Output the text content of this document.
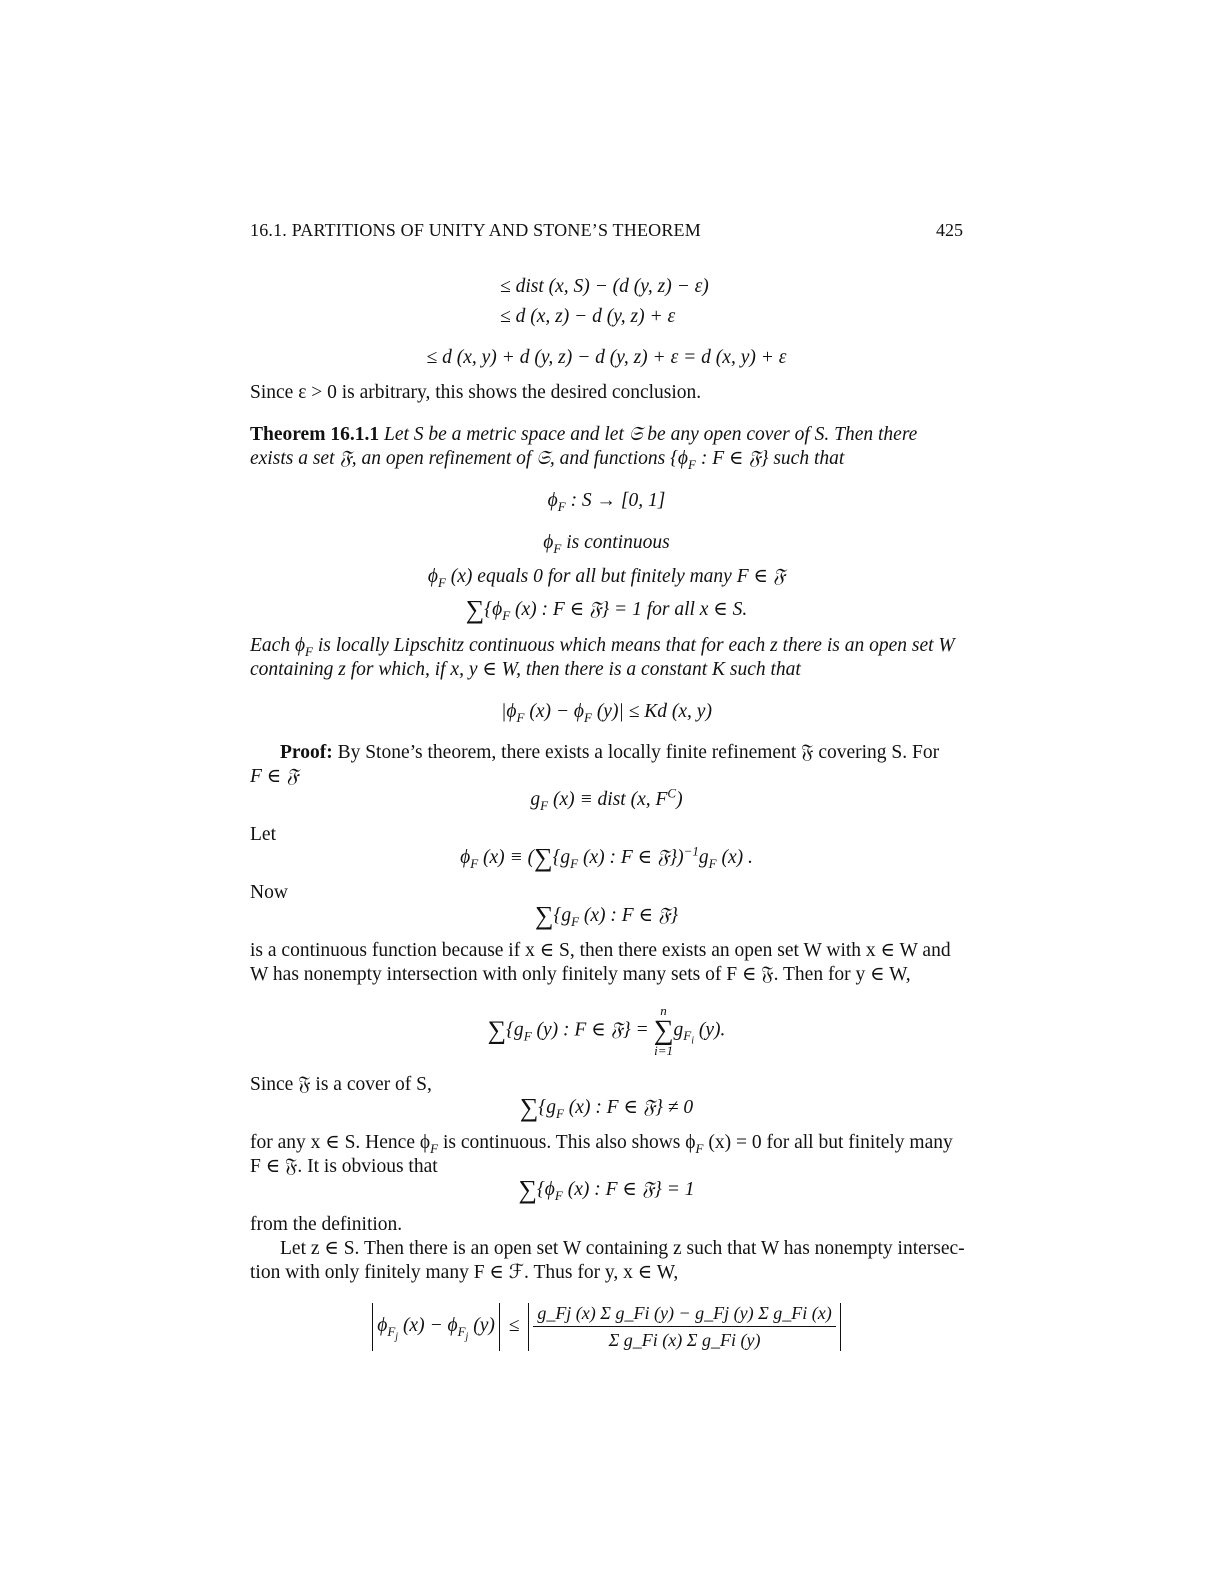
16.1. PARTITIONS OF UNITY AND STONE’S THEOREM	425
≤ dist (x, S) − (d (y, z) − ε)
≤ d (x, z) − d (y, z) + ε
≤ d (x, y) + d (y, z) − d (y, z) + ε = d (x, y) + ε
Since ε > 0 is arbitrary, this shows the desired conclusion.
Theorem 16.1.1 Let S be a metric space and let 𝔖 be any open cover of S. Then there
exists a set 𝔉, an open refinement of 𝔖, and functions {$\phi_F$ : F ∈ 𝔉} such that
$\phi_F$ : S → [0, 1]
$\phi_F$ is continuous
$\phi_F$ (x) equals 0 for all but finitely many F ∈ 𝔉
$\sum\{\phi_F$ (x) : F ∈ 𝔉} = 1 for all x ∈ S.
Each $\phi_F$ is locally Lipschitz continuous which means that for each z there is an open set W
containing z for which, if x, y ∈ W, then there is a constant K such that
$|\phi_F$ $(x) - \phi_F$ (y)| ≤ Kd (x, y)
Proof: By Stone’s theorem, there exists a locally finite refinement 𝔉 covering S. For
F ∈ 𝔉
$g_F$ (x) ≡ dist (x, $F^C$)
Let
$\phi_F$ $(x) \equiv (\sum\{g_F$ (x) : F ∈ $𝔉\})^{-1}g_F$ (x) .
Now
$\sum\{g_F$ (x) : F ∈ 𝔉}
is a continuous function because if x ∈ S, then there exists an open set W with x ∈ W and
W has nonempty intersection with only finitely many sets of F ∈ 𝔉. Then for y ∈ W,
$\sum\{g_F$ (y) : F ∈ 𝔉} =
n
∑
i=1
$g_{F_i}$ (y).
Since 𝔉 is a cover of S,
$\sum\{g_F$ (x) : F ∈ 𝔉} ≠ 0
for any x ∈ S. Hence $\phi_F$ is continuous. This also shows $\phi_F$ (x) = 0 for all but finitely many
F ∈ 𝔉. It is obvious that
$\sum\{\phi_F$ (x) : F ∈ 𝔉} = 1
from the definition.
Let z ∈ S. Then there is an open set W containing z such that W has nonempty intersec-
tion with only finitely many F ∈ ℱ. Thus for y, x ∈ W,
$\phi_{F_j}$ $(x) - \phi_{F_j}$ $(y) \le \frac{\text{g\_Fj (x) Σ g\_Fi (y) − g\_Fj (y) Σ g\_Fi (x)}}{\text{Σ g\_Fi (x) Σ g\_Fi (y)}}$
